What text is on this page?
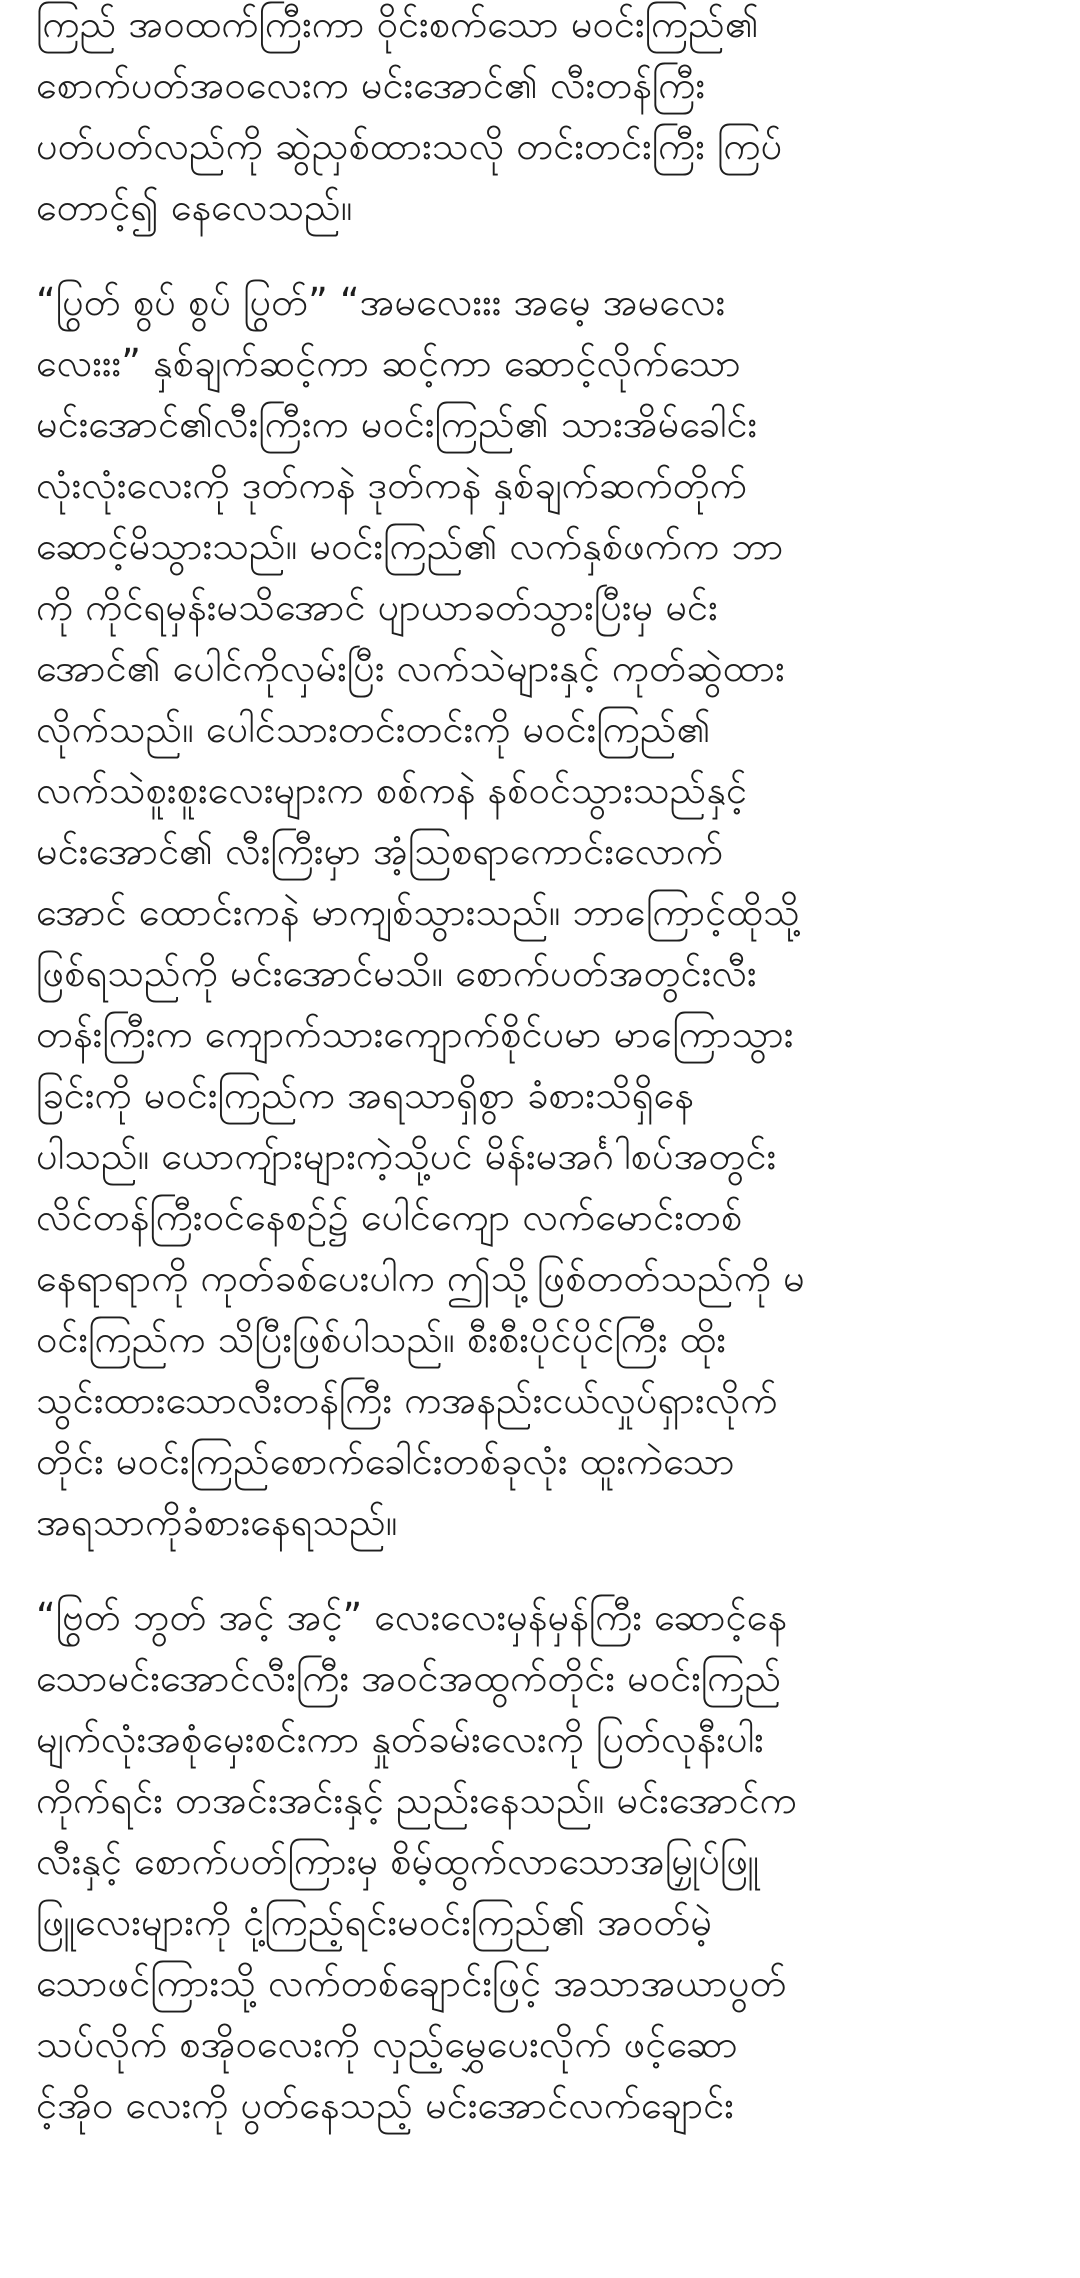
ကြည် အဝထက်ကြီးကာ ဝိုင်းစက်သော မဝင်းကြည်၏
စောက်ပတ်အဝလေးက မင်းအောင်၏ လီးတန်ကြီး
ပတ်ပတ်လည်ကို ဆွဲညှစ်ထားသလို တင်းတင်းကြီး ကြပ်
တောင့်၍ နေလေသည်။

“ပြွတ် စွပ် စွပ် ပြွတ်” “အမလေးးး အမေ့ အမလေး
လေးးး” နှစ်ချက်ဆင့်ကာ ဆင့်ကာ ဆောင့်လိုက်သော
မင်းအောင်၏လီးကြီးက မဝင်းကြည်၏ သားအိမ်ခေါင်း
လုံးလုံးလေးကို ဒုတ်ကနဲ ဒုတ်ကနဲ နှစ်ချက်ဆက်တိုက်
ဆောင့်မိသွားသည်။ မဝင်းကြည်၏ လက်နှစ်ဖက်က ဘာ
ကို ကိုင်ရမှန်းမသိအောင် ပျာယာခတ်သွားပြီးမှ မင်း
အောင်၏ ပေါင်ကိုလှမ်းပြီး လက်သဲများနှင့် ကုတ်ဆွဲထား
လိုက်သည်။ ပေါင်သားတင်းတင်းကို မဝင်းကြည်၏
လက်သဲစူးစူးလေးများက စစ်ကနဲ နစ်ဝင်သွားသည်နှင့်
မင်းအောင်၏ လီးကြီးမှာ အံ့သြစရာကောင်းလောက်
အောင် ထောင်းကနဲ မာကျစ်သွားသည်။ ဘာကြောင့်ထိုသို့
ဖြစ်ရသည်ကို မင်းအောင်မသိ။ စောက်ပတ်အတွင်းလီး
တန်းကြီးက ကျောက်သားကျောက်စိုင်ပမာ မာကြောသွား
ခြင်းကို မဝင်းကြည်က အရသာရှိစွာ ခံစားသိရှိနေ
ပါသည်။ ယောကျ်ားများကဲ့သို့ပင် မိန်းမအင်္ဂါစပ်အတွင်း
လိင်တန်ကြီးဝင်နေစဉ်၌ ပေါင်ကျော လက်မောင်းတစ်
နေရာရာကို ကုတ်ခစ်ပေးပါက ဤသို့ဖြစ်တတ်သည်ကို မ
ဝင်းကြည်က သိပြီးဖြစ်ပါသည်။ စီးစီးပိုင်ပိုင်ကြီး ထိုး
သွင်းထားသောလီးတန်ကြီး ကအနည်းငယ်လှုပ်ရှားလိုက်
တိုင်း မဝင်းကြည်စောက်ခေါင်းတစ်ခုလုံး ထူးကဲသော
အရသာကိုခံစားနေရသည်။

“ဗြွတ် ဘွတ် အင့် အင့်” လေးလေးမှန်မှန်ကြီး ဆောင့်နေ
သောမင်းအောင်လီးကြီး အဝင်အထွက်တိုင်း မဝင်းကြည်
မျက်လုံးအစုံမှေးစင်းကာ နှုတ်ခမ်းလေးကို ပြတ်လုနီးပါး
ကိုက်ရင်း တအင်းအင်းနှင့် ညည်းနေသည်။ မင်းအောင်က
လီးနှင့် စောက်ပတ်ကြားမှ စိမ့်ထွက်လာသောအမြှုပ်ဖြူ
ဖြူလေးများကို ငုံ့ကြည့်ရင်းမဝင်းကြည်၏ အဝတ်မဲ့
သောဖင်ကြားသို့ လက်တစ်ချောင်းဖြင့် အသာအယာပွတ်
သပ်လိုက် စအိုဝလေးကို လှည့်မွှေပေးလိုက် ဖင့်ဆော
င့်အိုဝ လေးကို ပွတ်နေသည့် မင်းအောင်လက်ချောင်း
